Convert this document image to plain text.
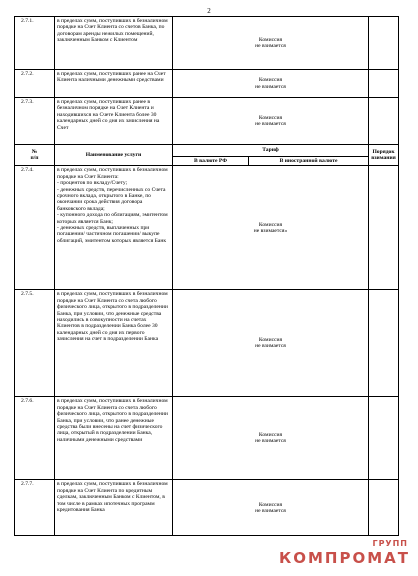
2
2.7.1.	в пределах сумм, поступивших в безналичном порядке на Счет Клиента со счетов Банка, по договорам аренды нежилых помещений, заключенным Банком с Клиентом	Комиссия
не взимается		
2.7.2.	в пределах сумм, поступивших ранее на Счет Клиента наличными денежными средствами	Комиссия
не взимается		
2.7.3.	в пределах сумм, поступивших ранее в безналичном порядке на Счет Клиента и находившихся на Счете Клиента более 30 календарных дней со дня их зачисления на Счет	Комиссия
не взимается		
№
п/п	Наименование услуги	Тариф		Порядок
взимания
		В валюте РФ	В иностранной валюте	
2.7.4.	в пределах сумм, поступивших в безналичном порядке на Счет Клиента:
- процентов по вкладу/Счету;
- денежных средств, перечисленных со Счета срочного вклада, открытого в Банке, по окончании срока действия договора банковского вклада;
- купонного дохода по облигациям, эмитентом которых является Банк;
- денежных средств, выплаченных при погашении/ частичном погашении/ выкупе облигаций, эмитентом которых является Банк	Комиссия
не взимается»		
2.7.5.	в пределах сумм, поступивших в безналичном порядке на Счет Клиента со счета любого физического лица, открытого в подразделении Банка, при условии, что денежные средства находились в совокупности на счетах Клиентов в подразделении Банка более 30 календарных дней со дня их первого зачисления на счет в подразделении Банка	Комиссия
не взимается		
2.7.6.	в пределах сумм, поступивших в безналичном порядке на Счет Клиента со счета любого физического лица, открытого в подразделении Банка, при условии, что ранее денежные средства были внесены на счет физического лица, открытый в подразделении Банка, наличными денежными средствами	Комиссия
не взимается		
2.7.7.	в пределах сумм, поступивших в безналичном порядке на Счет Клиента по кредитным сделкам, заключенным Банком с Клиентом, в том числе в рамках ипотечных программ кредитования Банка	Комиссия
не взимается		
ГРУПП
КОМПРОМАТ
